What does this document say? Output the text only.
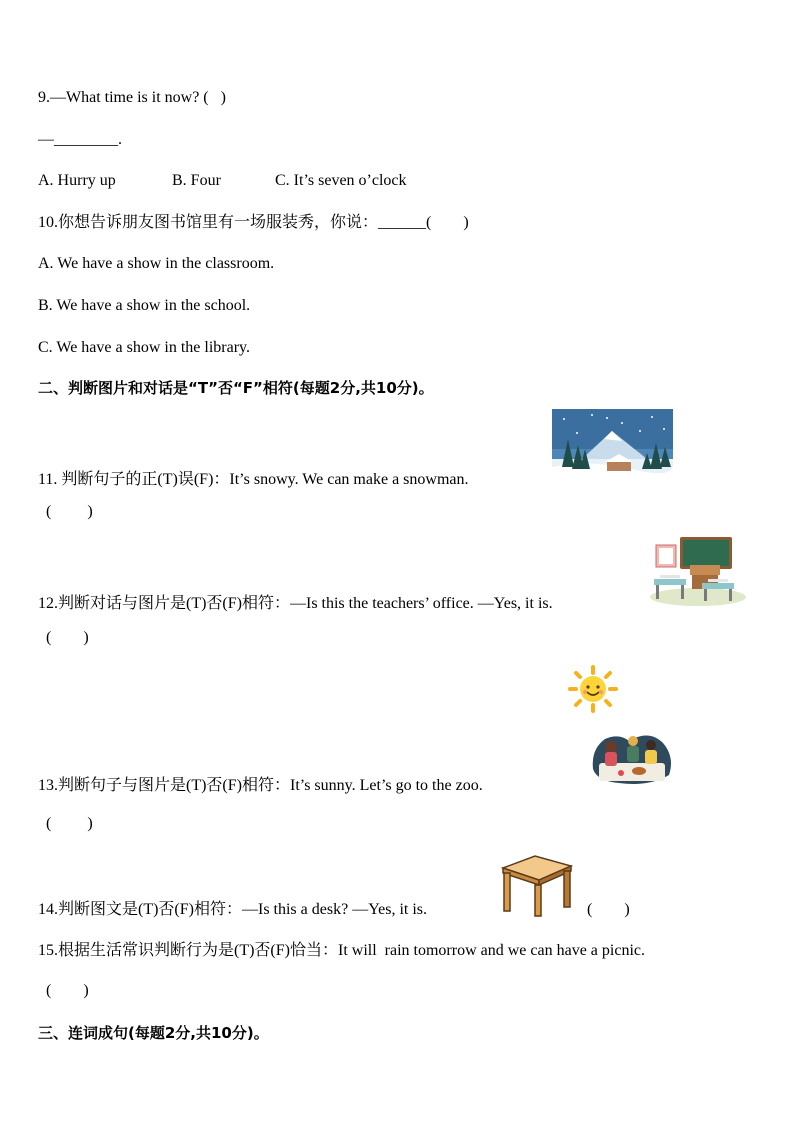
9.—What time is it now? (   )
—________.
A. Hurry up	B. Four	C. It’s seven o’clock
10.你想告诉朋友图书馆里有一场服装秀，你说：______(        )
A. We have a show in the classroom.
B. We have a show in the school.
C. We have a show in the library.
二、判断图片和对话是“T”否“F”相符(每题2分,共10分)。
11. 判断句子的正(T)误(F)：It’s snowy. We can make a snowman.
(         )
12.判断对话与图片是(T)否(F)相符：—Is this the teachers’ office. —Yes, it is.
(        )
13.判断句子与图片是(T)否(F)相符：It’s sunny. Let’s go to the zoo.
(         )
14.判断图文是(T)否(F)相符：—Is this a desk? —Yes, it is.	(        )
15.根据生活常识判断行为是(T)否(F)恰当：It will  rain tomorrow and we can have a picnic.
(        )
三、连词成句(每题2分,共10分)。
